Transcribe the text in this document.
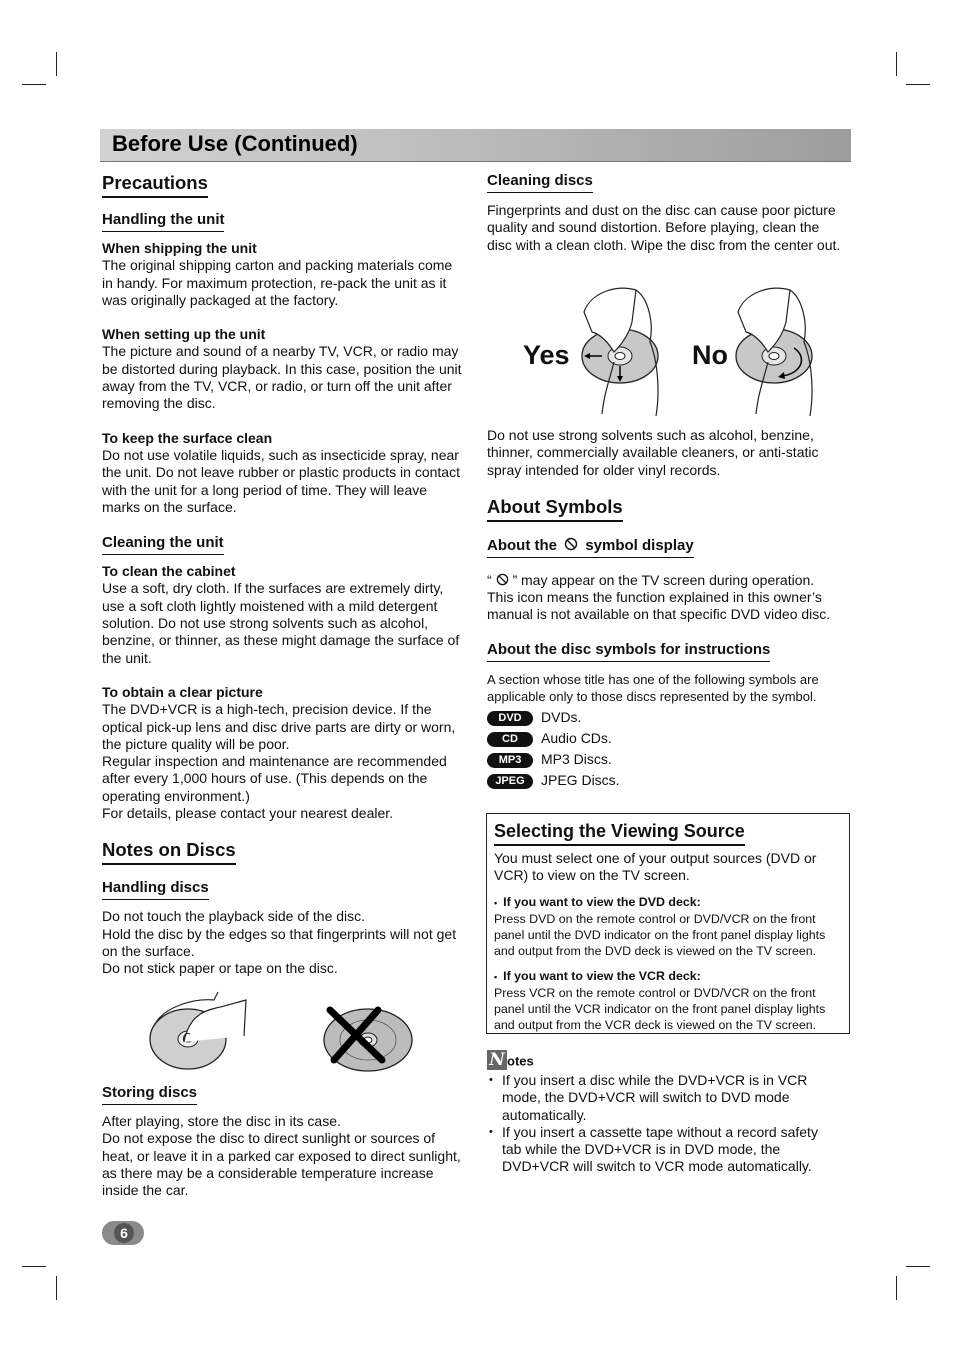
Before Use (Continued)
Precautions
Handling the unit
When shipping the unit

The original shipping carton and packing materials come in handy. For maximum protection, re-pack the unit as it was originally packaged at the factory.

When setting up the unit

The picture and sound of a nearby TV, VCR, or radio may be distorted during playback. In this case, position the unit away from the TV, VCR, or radio, or turn off the unit after removing the disc.

To keep the surface clean

Do not use volatile liquids, such as insecticide spray, near the unit. Do not leave rubber or plastic products in contact with the unit for a long period of time. They will leave marks on the surface.

Cleaning the unit
To clean the cabinet

Use a soft, dry cloth. If the surfaces are extremely dirty, use a soft cloth lightly moistened with a mild detergent solution. Do not use strong solvents such as alcohol, benzine, or thinner, as these might damage the surface of the unit.

To obtain a clear picture

The DVD+VCR is a high-tech, precision device. If the optical pick-up lens and disc drive parts are dirty or worn, the picture quality will be poor.

Regular inspection and maintenance are recommended after every 1,000 hours of use. (This depends on the operating environment.)

For details, please contact your nearest dealer.

Notes on Discs
Handling discs

Do not touch the playback side of the disc.

Hold the disc by the edges so that fingerprints will not get on the surface.

Do not stick paper or tape on the disc.

Storing discs

After playing, store the disc in its case.

Do not expose the disc to direct sunlight or sources of heat, or leave it in a parked car exposed to direct sunlight, as there may be a considerable temperature increase inside the car.

Cleaning discs

Fingerprints and dust on the disc can cause poor picture quality and sound distortion. Before playing, clean the disc with a clean cloth. Wipe the disc from the center out.

Yes	No

Do not use strong solvents such as alcohol, benzine, thinner, commercially available cleaners, or anti-static spray intended for older vinyl records.

About Symbols
About the symbol display

“ ” may appear on the TV screen during operation. This icon means the function explained in this owner’s manual is not available on that specific DVD video disc.

About the disc symbols for instructions

A section whose title has one of the following symbols are applicable only to those discs represented by the symbol.

DVD DVDs.
CD Audio CDs.
MP3 MP3 Discs.
JPEG JPEG Discs.
Selecting the Viewing Source

You must select one of your output sources (DVD or VCR) to view on the TV screen.

• If you want to view the DVD deck:

Press DVD on the remote control or DVD/VCR on the front panel until the DVD indicator on the front panel display lights and output from the DVD deck is viewed on the TV screen.

• If you want to view the VCR deck:

Press VCR on the remote control or DVD/VCR on the front panel until the VCR indicator on the front panel display lights and output from the VCR deck is viewed on the TV screen.

N otes
• If you insert a disc while the DVD+VCR is in VCR mode, the DVD+VCR will switch to DVD mode automatically.
• If you insert a cassette tape without a record safety tab while the DVD+VCR is in DVD mode, the DVD+VCR will switch to VCR mode automatically.
6
